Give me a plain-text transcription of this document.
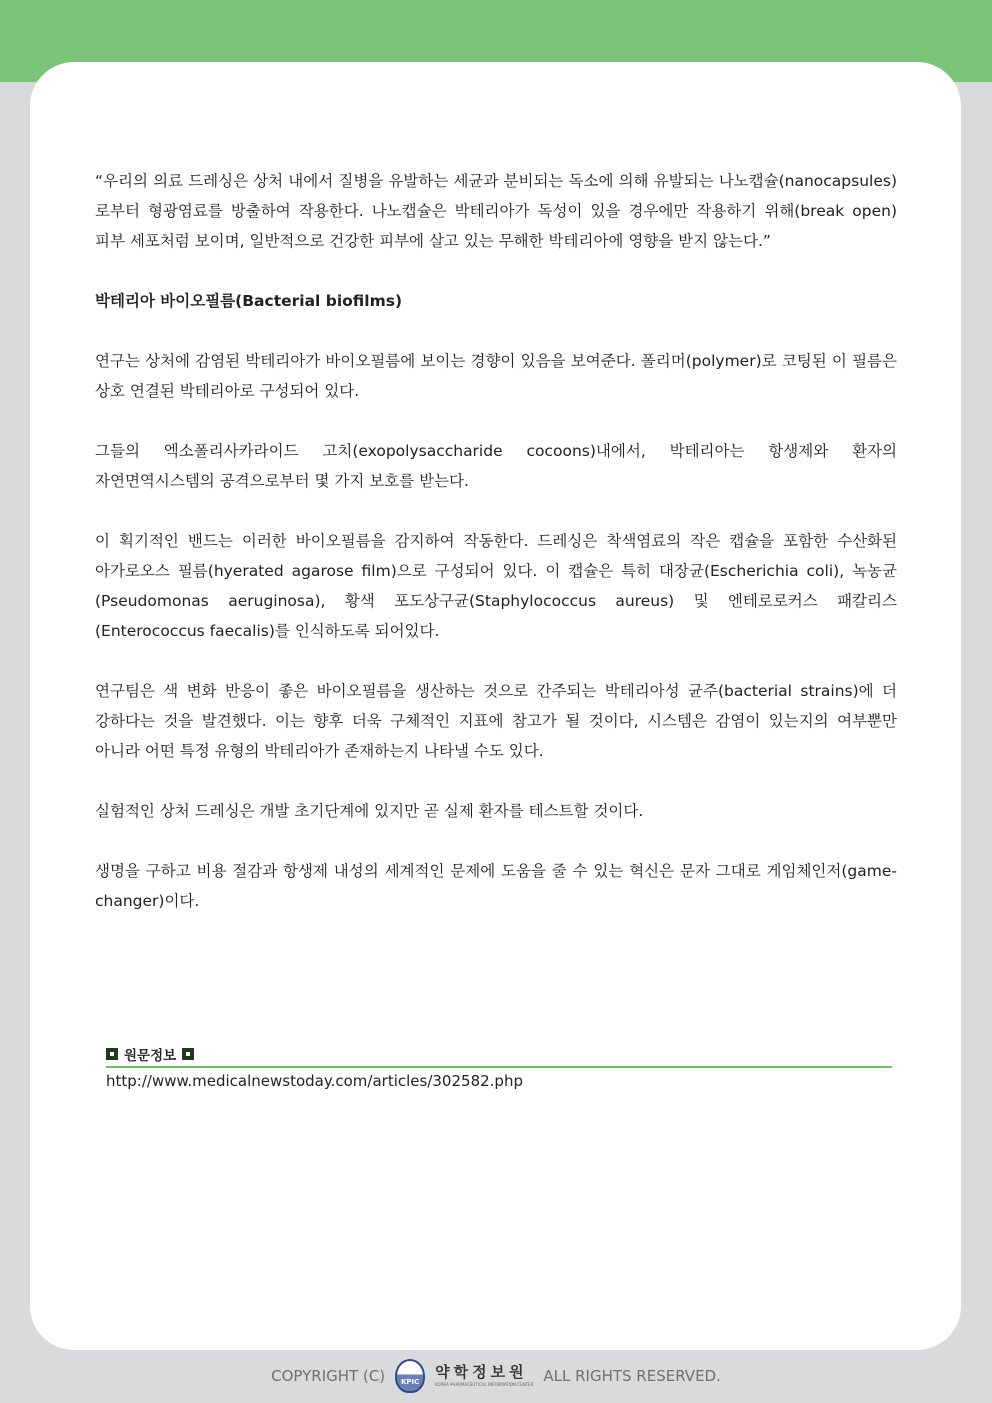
“우리의 의료 드레싱은 상처 내에서 질병을 유발하는 세균과 분비되는 독소에 의해 유발되는 나노캡슐(nanocapsules)로부터 형광염료를 방출하여 작용한다. 나노캡슐은 박테리아가 독성이 있을 경우에만 작용하기 위해(break open) 피부 세포처럼 보이며, 일반적으로 건강한 피부에 살고 있는 무해한 박테리아에 영향을 받지 않는다.”

박테리아 바이오필름(Bacterial biofilms)

연구는 상처에 감염된 박테리아가 바이오필름에 보이는 경향이 있음을 보여준다. 폴리머(polymer)로 코팅된 이 필름은 상호 연결된 박테리아로 구성되어 있다.

그들의 엑소폴리사카라이드 고치(exopolysaccharide cocoons)내에서, 박테리아는 항생제와 환자의 자연면역시스템의 공격으로부터 몇 가지 보호를 받는다.

이 획기적인 밴드는 이러한 바이오필름을 감지하여 작동한다. 드레싱은 착색염료의 작은 캡슐을 포함한 수산화된 아가로오스 필름(hyerated agarose film)으로 구성되어 있다. 이 캡슐은 특히 대장균(Escherichia coli), 녹농균(Pseudomonas aeruginosa), 황색 포도상구균(Staphylococcus aureus) 및 엔테로로커스 패칼리스(Enterococcus faecalis)를 인식하도록 되어있다.

연구팀은 색 변화 반응이 좋은 바이오필름을 생산하는 것으로 간주되는 박테리아성 균주(bacterial strains)에 더 강하다는 것을 발견했다. 이는 향후 더욱 구체적인 지표에 참고가 될 것이다, 시스템은 감염이 있는지의 여부뿐만 아니라 어떤 특정 유형의 박테리아가 존재하는지 나타낼 수도 있다.

실험적인 상처 드레싱은 개발 초기단계에 있지만 곧 실제 환자를 테스트할 것이다.

생명을 구하고 비용 절감과 항생제 내성의 세계적인 문제에 도움을 줄 수 있는 혁신은 문자 그대로 게임체인저(game-changer)이다.

원문정보
http://www.medicalnewstoday.com/articles/302582.php
COPYRIGHT (C) KPIC
약학정보원
KOREA PHARMACEUTICAL INFORMATION CENTER ALL RIGHTS RESERVED.
